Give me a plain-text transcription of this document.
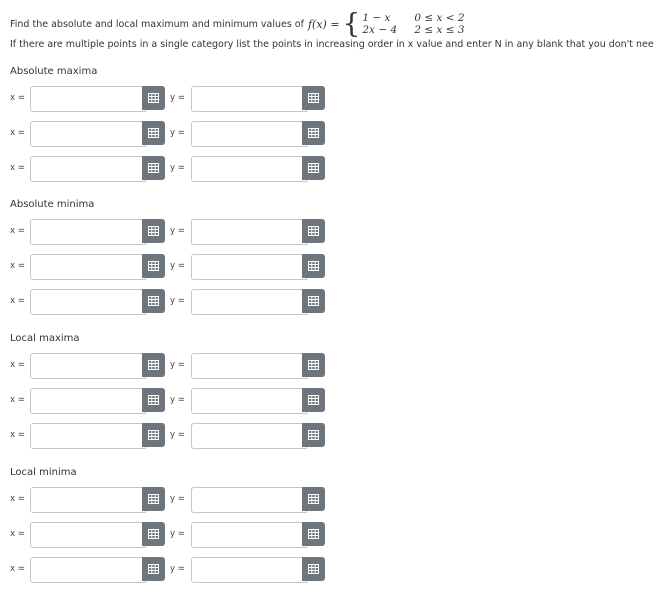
Find the absolute and local maximum and minimum values of f(x) = { 1 − x	0 ≤ x < 2
2x − 4	2 ≤ x ≤ 3
If there are multiple points in a single category list the points in increasing order in x value and enter N in any blank that you don't nee
Absolute maxima
x =	y =
x =	y =
x =	y =
Absolute minima
x =	y =
x =	y =
x =	y =
Local maxima
x =	y =
x =	y =
x =	y =
Local minima
x =	y =
x =	y =
x =	y =
